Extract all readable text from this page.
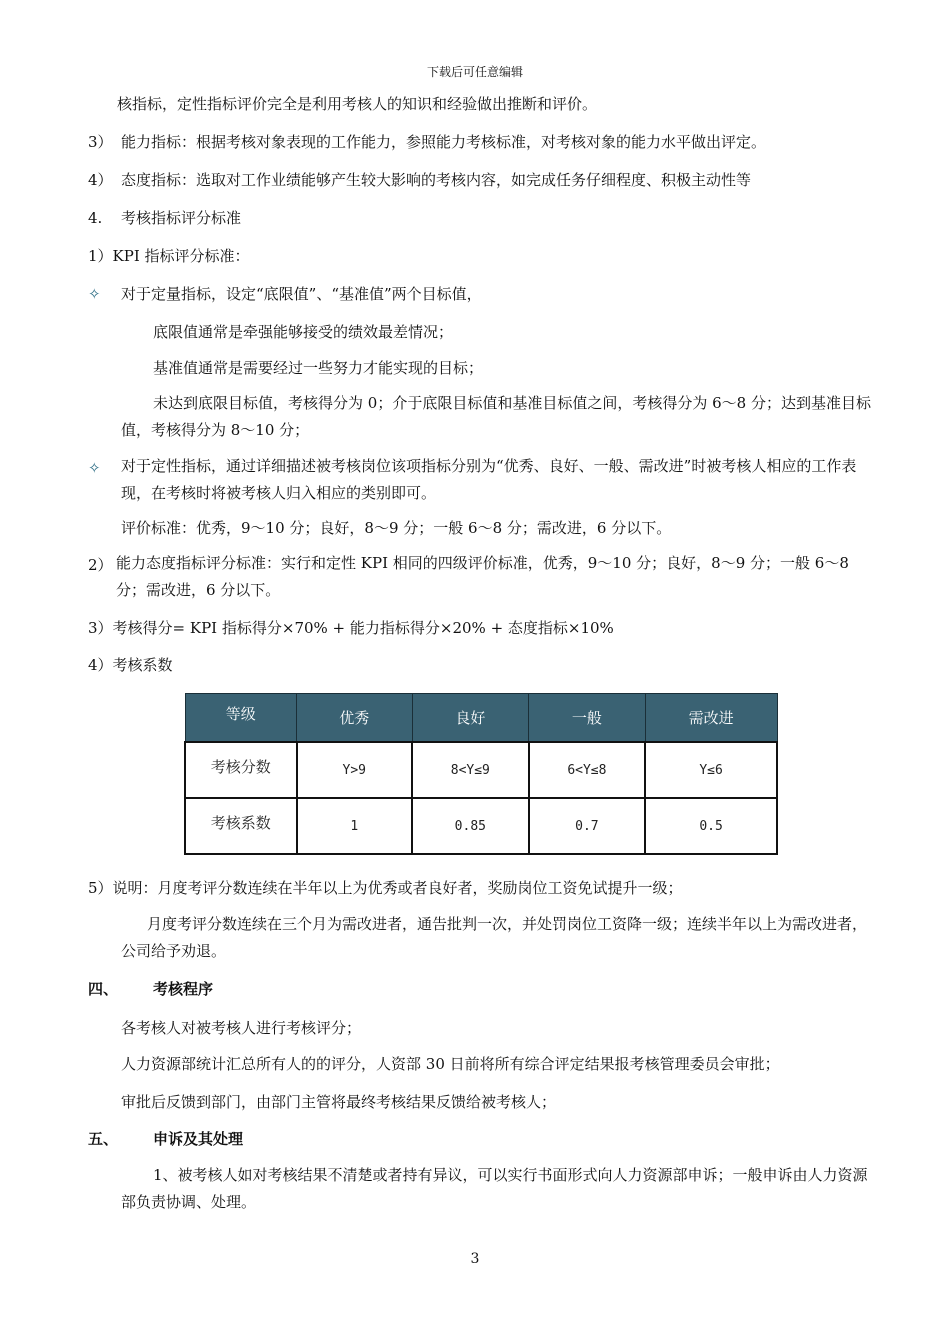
下载后可任意编辑
核指标，定性指标评价完全是利用考核人的知识和经验做出推断和评价。
3） 能力指标：根据考核对象表现的工作能力，参照能力考核标准，对考核对象的能力水平做出评定。
4） 态度指标：选取对工作业绩能够产生较大影响的考核内容，如完成任务仔细程度、积极主动性等
4. 考核指标评分标准
1）KPI 指标评分标准：
✧ 对于定量指标，设定“底限值”、“基准值”两个目标值，
底限值通常是牵强能够接受的绩效最差情况；
基准值通常是需要经过一些努力才能实现的目标；
未达到底限目标值，考核得分为 0；介于底限目标值和基准目标值之间，考核得分为 6～8 分；达到基准目标值，考核得分为 8～10 分；
✧ 对于定性指标，通过详细描述被考核岗位该项指标分别为“优秀、良好、一般、需改进”时被考核人相应的工作表现，在考核时将被考核人归入相应的类别即可。
评价标准：优秀，9～10 分；良好，8～9 分；一般 6～8 分；需改进，6 分以下。
2） 能力态度指标评分标准：实行和定性 KPI 相同的四级评价标准，优秀，9～10 分；良好，8～9 分；一般 6～8 分；需改进，6 分以下。
3）考核得分= KPI 指标得分×70% + 能力指标得分×20% + 态度指标×10%
4）考核系数
等级	优秀	良好	一般	需改进
考核分数	Y>9	8<Y≤9	6<Y≤8	Y≤6
考核系数	1	0.85	0.7	0.5
5）说明：月度考评分数连续在半年以上为优秀或者良好者，奖励岗位工资免试提升一级；
月度考评分数连续在三个月为需改进者，通告批判一次，并处罚岗位工资降一级；连续半年以上为需改进者，公司给予劝退。
四、 考核程序
各考核人对被考核人进行考核评分；
人力资源部统计汇总所有人的的评分，人资部 30 日前将所有综合评定结果报考核管理委员会审批；
审批后反馈到部门，由部门主管将最终考核结果反馈给被考核人；
五、 申诉及其处理
1、被考核人如对考核结果不清楚或者持有异议，可以实行书面形式向人力资源部申诉；一般申诉由人力资源部负责协调、处理。
3
